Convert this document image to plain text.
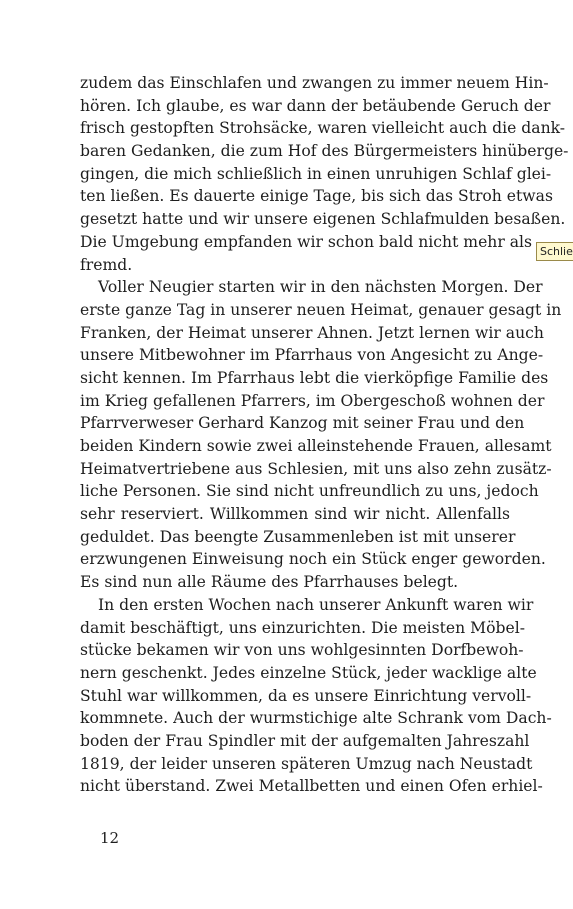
zudem das Einschlafen und zwangen zu immer neuem Hin-
hören. Ich glaube, es war dann der betäubende Geruch der
frisch gestopften Strohsäcke, waren vielleicht auch die dank-
baren Gedanken, die zum Hof des Bürgermeisters hinüberge-
gingen, die mich schließlich in einen unruhigen Schlaf glei-
ten ließen. Es dauerte einige Tage, bis sich das Stroh etwas
gesetzt hatte und wir unsere eigenen Schlafmulden besaßen.
Die Umgebung empfanden wir schon bald nicht mehr als
fremd.
Voller Neugier starten wir in den nächsten Morgen. Der
erste ganze Tag in unserer neuen Heimat, genauer gesagt in
Franken, der Heimat unserer Ahnen. Jetzt lernen wir auch
unsere Mitbewohner im Pfarrhaus von Angesicht zu Ange-
sicht kennen. Im Pfarrhaus lebt die vierköpfige Familie des
im Krieg gefallenen Pfarrers, im Obergeschoß wohnen der
Pfarrverweser Gerhard Kanzog mit seiner Frau und den
beiden Kindern sowie zwei alleinstehende Frauen, allesamt
Heimatvertriebene aus Schlesien, mit uns also zehn zusätz-
liche Personen. Sie sind nicht unfreundlich zu uns, jedoch
sehr reserviert. Willkommen sind wir nicht. Allenfalls
geduldet. Das beengte Zusammenleben ist mit unserer
erzwungenen Einweisung noch ein Stück enger geworden.
Es sind nun alle Räume des Pfarrhauses belegt.
In den ersten Wochen nach unserer Ankunft waren wir
damit beschäftigt, uns einzurichten. Die meisten Möbel-
stücke bekamen wir von uns wohlgesinnten Dorfbewoh-
nern geschenkt. Jedes einzelne Stück, jeder wacklige alte
Stuhl war willkommen, da es unsere Einrichtung vervoll-
kommnete. Auch der wurmstichige alte Schrank vom Dach-
boden der Frau Spindler mit der aufgemalten Jahreszahl
1819, der leider unseren späteren Umzug nach Neustadt
nicht überstand. Zwei Metallbetten und einen Ofen erhiel-
12
Schlie
